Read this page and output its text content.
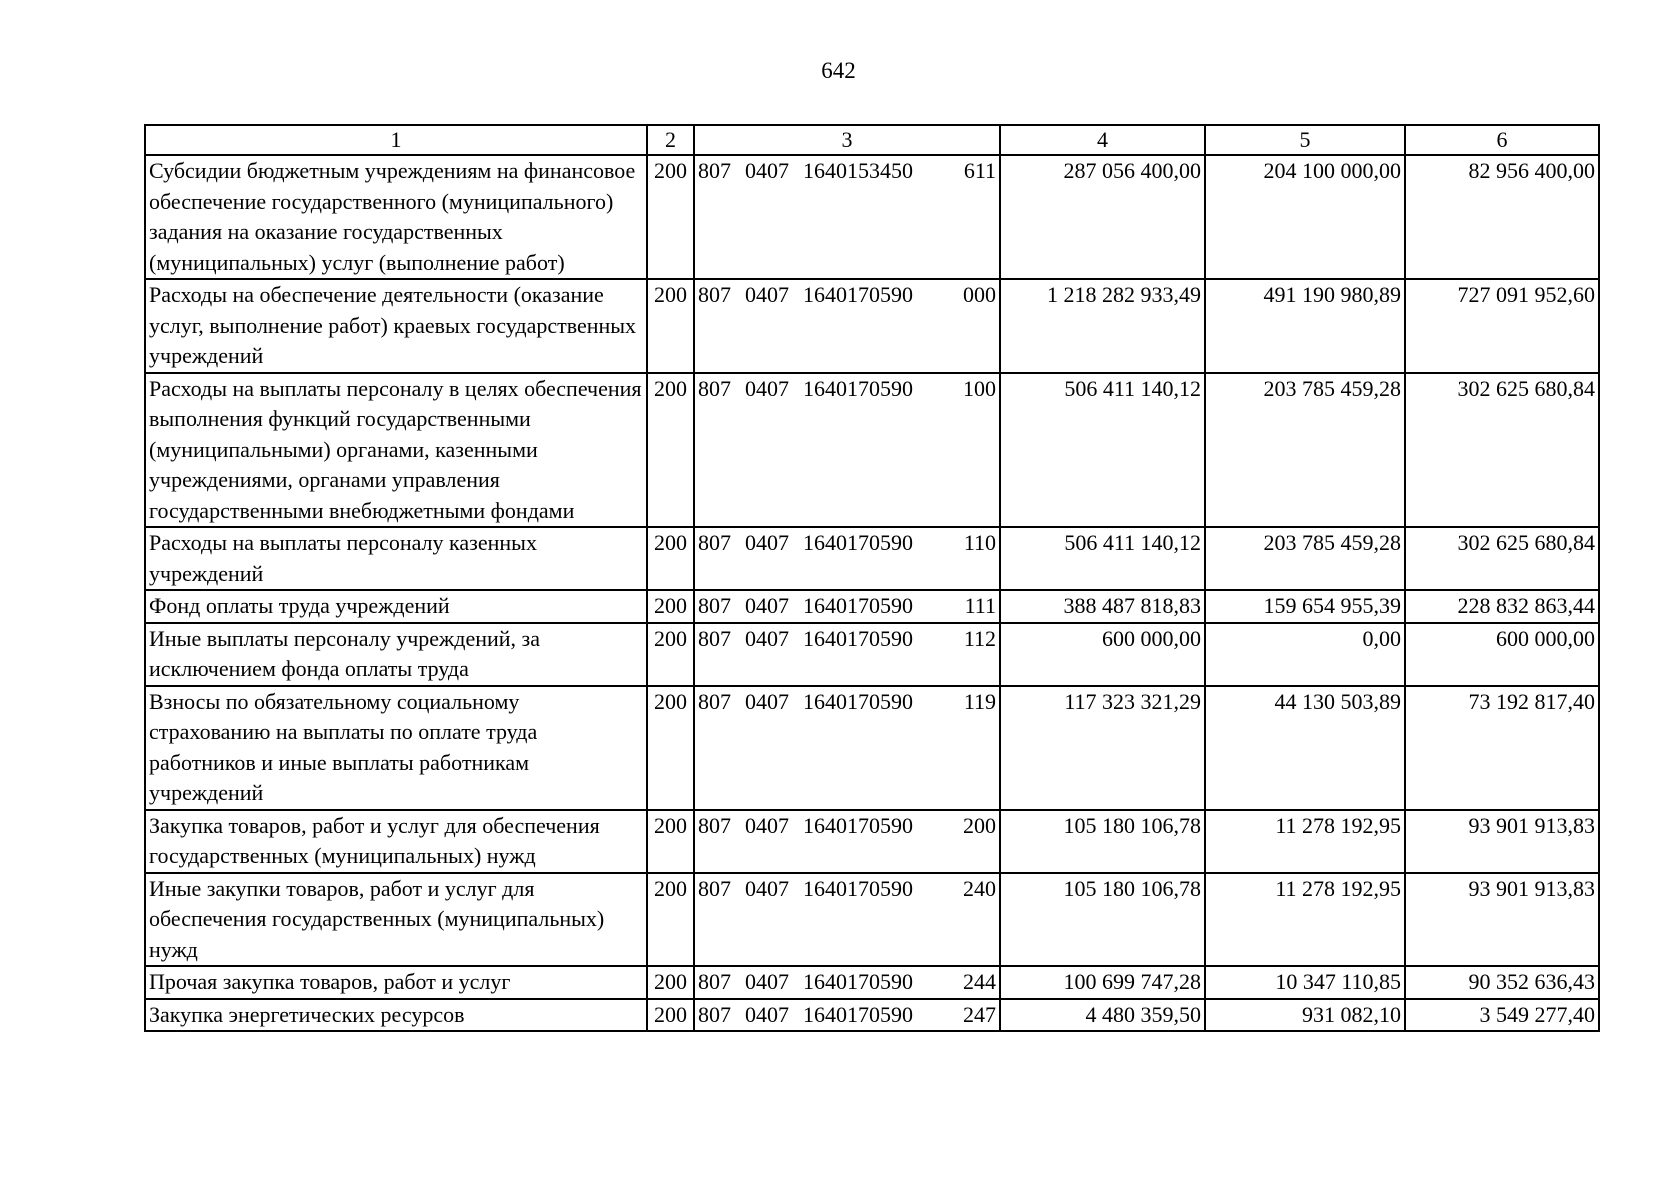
642
1	2	3	4	5	6
Субсидии бюджетным учреждениям на финансовое обеспечение государственного (муниципального) задания на оказание государственных (муниципальных) услуг (выполнение работ)	200	807 0407 1640153450 611	287 056 400,00	204 100 000,00	82 956 400,00
Расходы на обеспечение деятельности (оказание услуг, выполнение работ) краевых государственных учреждений	200	807 0407 1640170590 000	1 218 282 933,49	491 190 980,89	727 091 952,60
Расходы на выплаты персоналу в целях обеспечения выполнения функций государственными (муниципальными) органами, казенными учреждениями, органами управления государственными внебюджетными фондами	200	807 0407 1640170590 100	506 411 140,12	203 785 459,28	302 625 680,84
Расходы на выплаты персоналу казенных учреждений	200	807 0407 1640170590 110	506 411 140,12	203 785 459,28	302 625 680,84
Фонд оплаты труда учреждений	200	807 0407 1640170590 111	388 487 818,83	159 654 955,39	228 832 863,44
Иные выплаты персоналу учреждений, за исключением фонда оплаты труда	200	807 0407 1640170590 112	600 000,00	0,00	600 000,00
Взносы по обязательному социальному страхованию на выплаты по оплате труда работников и иные выплаты работникам учреждений	200	807 0407 1640170590 119	117 323 321,29	44 130 503,89	73 192 817,40
Закупка товаров, работ и услуг для обеспечения государственных (муниципальных) нужд	200	807 0407 1640170590 200	105 180 106,78	11 278 192,95	93 901 913,83
Иные закупки товаров, работ и услуг для обеспечения государственных (муниципальных) нужд	200	807 0407 1640170590 240	105 180 106,78	11 278 192,95	93 901 913,83
Прочая закупка товаров, работ и услуг	200	807 0407 1640170590 244	100 699 747,28	10 347 110,85	90 352 636,43
Закупка энергетических ресурсов	200	807 0407 1640170590 247	4 480 359,50	931 082,10	3 549 277,40
